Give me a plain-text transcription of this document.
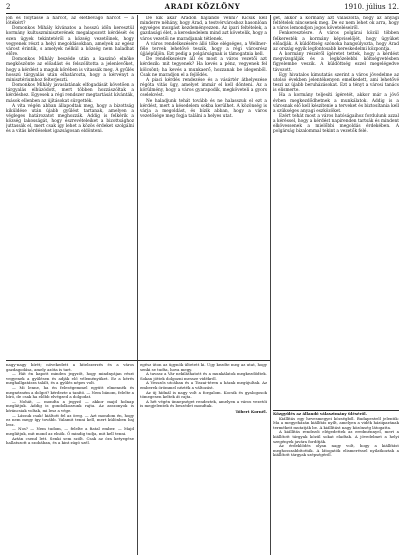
2	ARADI KÖZLÖNY	1910. július 12.

jon és folytasse a harcot, az életbevágó harcot — a lótékért?

Domonkos Mihály kívánatos a hosszú időn keresztül kormány kultuszminiszterének megalapozott kérdését és ezen ügyek tekintetéről a község vezetőinek, hogy vegyenek részt a helyi megoldásokban, amelyek az egész várost érintik, s amelyek nélkül a község nem haladhat előre.

Domonkos Mihály beszéde után a kaszinó elnöke megköszönte az előadást és felszólította a jelenlevőket, hogy a kérdést a maguk körében is vitassák meg. A gyűlés hosszú tárgyalás után elhatározta, hogy a kérvényt a minisztériumhoz felterjeszti.

Domonkos Mihály javaslatának elfogadását követően a tárgyalás elhúzódott, mert többen hozzászóltak a kérdéshez. Egyesek a régi rendszer megtartását kívánták, mások ellenben az újításokat sürgették.

A vita végén abban állapodtak meg, hogy a bizottság kiküldése után újabb gyűlést tartanak, amelyen a végleges határozatot meghozzák. Addig is felkérik a község lakosságát, hogy észrevételeiket a bizottsághoz juttassák el, mert csak így lehet a közös érdeket szolgálni és a vitás kérdéseket igazságosan eldönteni.

De kik akar Aradon hajlandó venni? Kicsik kell minderre néhány, hogy Arad, a testvérvároshoz hasonlóan egységes mozgást kezdeményezzen. Az ipari feltételek, a gazdasági élet, a kereskedelem mind azt követelik, hogy a város vezetői ne maradjanak tétlenek.

A város rendelkezésére álló tőke elégséges, a Wellner-féle tervek lehetővé teszik, hogy a régi városrész újjáépüljön. Ezt pedig a polgárságnak is támogatnia kell.

De rendelkezésre áll és most a város vezetői azt kérdezik: mit tegyenek? Ha kevés a pénz, vegyenek fel kölcsönt; ha kevés a munkaerő, hozzanak be idegenből. Csak ne maradjon el a fejlődés.

A piaci kérdés rendezése és a vásártér áthelyezése régóta vitás ügy, amelyet immár el kell dönteni. Az a körülmény, hogy a város gyarapodik, megköveteli a gyors cselekvést.

Ne haladjunk tehát tovább és ne halasszuk el ezt a kérdést, mert a késedelem sokba kerülhet. A közönség is várja a megoldást, és bízik abban, hogy a város vezetősége meg fogja találni a helyes utat.

gét, akkor a kormány azt válaszolta, hogy az anyagi feltételek nincsenek meg. De ez nem lehet ok arra, hogy a város lemondjon jogos követeléseiről.

Fenkeresztésre. A város polgárai közül többen felkeresték a kormány képviselőjét, hogy ügyüket előadják. A küldöttség szónoka hangsúlyozta, hogy Arad az ország egyik legfontosabb kereskedelmi központja.

A kormány részéről ígéretet tettek, hogy a kérdést megvizsgálják és a legközelebbi költségvetésben figyelembe veszik. A küldöttség ezzel megelégedve távozott.

Egy hivatalos kimutatás szerint a város jövedelme az utolsó években jelentékenyen emelkedett, ami lehetővé teszi az újabb beruházásokat. Ezt a tényt a városi tanács is elismerte.

Ha a kormány teljesíti ígéretét, akkor már a jövő évben megkezdődhetnek a munkálatok. Addig is a városnak elő kell készítenie a terveket és biztosítania kell a szükséges anyagi eszközöket.

Ezért tehát most a város hatóságaihoz fordulunk azzal a kéréssel, hogy a kérdést napirenden tartsák és mindent elkövessenek a mielőbbi megoldás érdekében. A polgárság bizalommal tekint a vezetők felé.

nagy-nagy hírét; növekedett a hitelszerzés és a város gazdagodása, amely azóta is tart.

— Hát én kapott minden jegyzőt, hogy mindnyájan részt vegyenek a gyűlésen és adják elő véleményüket. Ez a kérés meghallgatásra talált, és a gyűlés népes volt.

— Mi lenne, ha én feleségemmel együtt elmennék és megnézném a dolgot? kérdezte a tanító. — Nem bánom, felelte a bíró, de csak ha előbb elvégzed a dolgodat.

— Nohát, — mondta a jegyző — akkor majd holnap meglátjuk. Addig is gondolkozzunk rajta. Az asszonyok is kíváncsiak voltak, mi lesz a vége.

— Lássuk csak! kiáltott fel az öreg. — Azt mondom én, hogy ez nem megy így tovább. Valamit tenni kell, mert különben baj lesz.

— Nos? — Nem tudom, — felelte a fiatal ember. — Majd meglátjuk, mit mond az elnök. Ő mindig tudja, mit kell tenni.

Aztán csend lett. Senki sem szólt. Csak az óra ketyegése hallatszott a szobában, és a kint zúgó szél.

egész úton az ügynök ültetett ki. Úgy kezdte meg az utat, hogy senki se tudta, hova megy.

A tavasz a Vár nekiláthatott és a munkálatok megkezdődtek. Sokan jöttek dolgozni messze vidékről.

A Vesszős utcában és a Tiszai-téren a házak megújultak. Az emberek örömmel nézték a változást.

Az új hídnál is nagy volt a forgalom. Kocsik és gyalogosok tömegesen keltek át rajta.

A hét végén ünnepséget rendeztek, amelyen a város vezetői is megjelentek és beszédet mondtak.

Tóbert Kornél. Közgyűlés az állandó választmány üléséről.

Kiállítás egy hevesmegyei községből. Budapestről jelentik: Ma a megyeházán kiállítás nyílt, amelyen a vidék háziiparának termékeit mutatják be. A kiállítást nagy közönség látogatta.

A kiállítás rendezői elégedettek az eredménnyel, mert a kiállított tárgyak közül sokat eladtak. A jövedelmet a helyi szegények javára fordítják.

Az érdeklődés olyan nagy volt, hogy a kiállítást meghosszabbították. A látogatók elismeréssel nyilatkoztak a kiállított tárgyak szépségéről.
